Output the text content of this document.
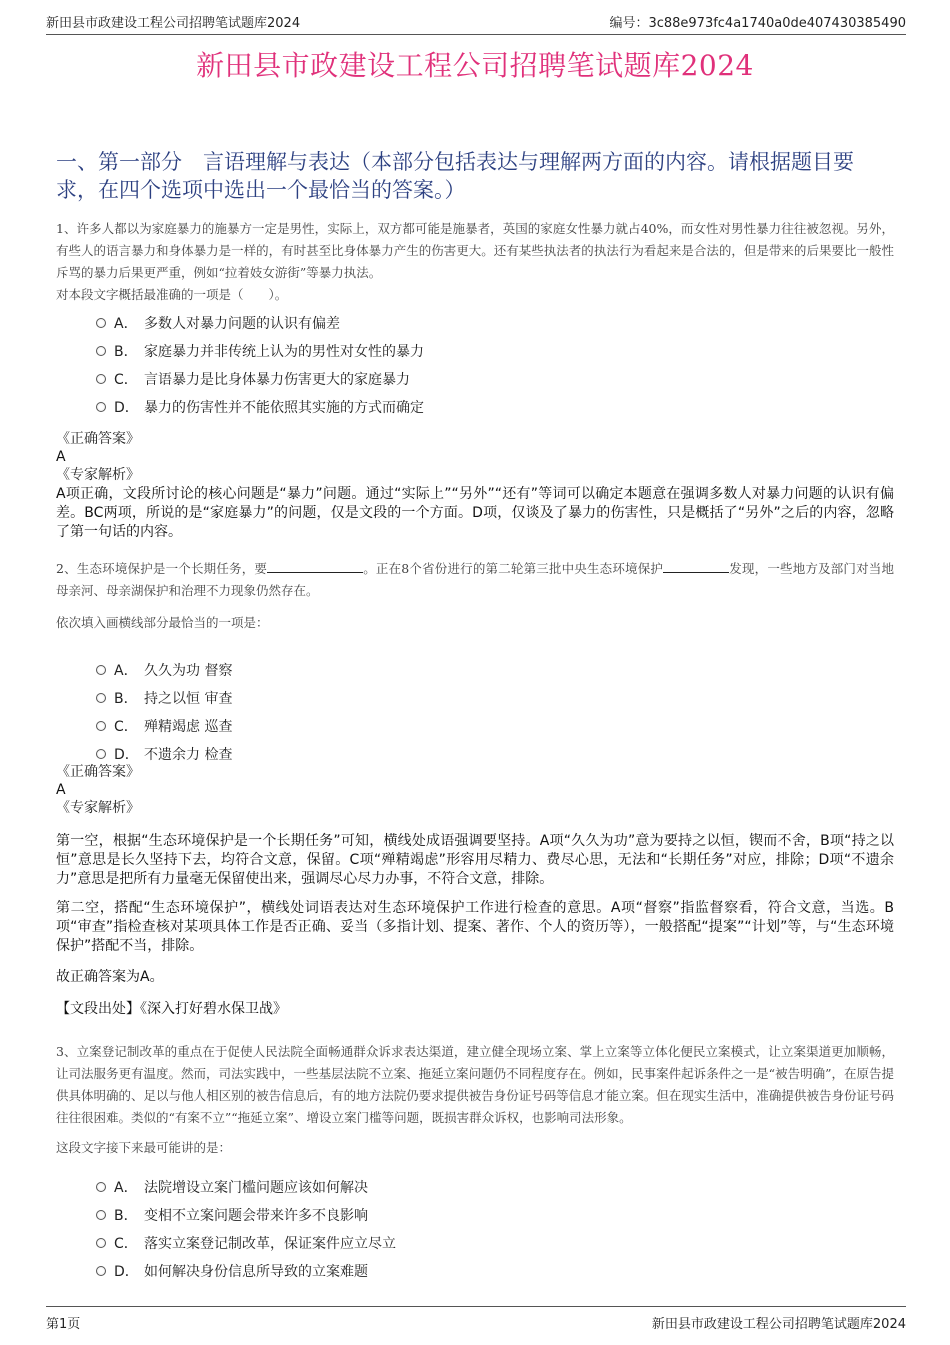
新田县市政建设工程公司招聘笔试题库2024	编号：3c88e973fc4a1740a0de407430385490
新田县市政建设工程公司招聘笔试题库2024
一、第一部分　言语理解与表达（本部分包括表达与理解两方面的内容。请根据题目要求，在四个选项中选出一个最恰当的答案。）

1、许多人都以为家庭暴力的施暴方一定是男性，实际上，双方都可能是施暴者，英国的家庭女性暴力就占40%，而女性对男性暴力往往被忽视。另外，有些人的语言暴力和身体暴力是一样的，有时甚至比身体暴力产生的伤害更大。还有某些执法者的执法行为看起来是合法的，但是带来的后果要比一般性斥骂的暴力后果更严重，例如“拉着妓女游街”等暴力执法。

对本段文字概括最准确的一项是（　　）。

A． 多数人对暴力问题的认识有偏差
B． 家庭暴力并非传统上认为的男性对女性的暴力
C． 言语暴力是比身体暴力伤害更大的家庭暴力
D． 暴力的伤害性并不能依照其实施的方式而确定

《正确答案》

A

《专家解析》

A项正确，文段所讨论的核心问题是“暴力”问题。通过“实际上”“另外”“还有”等词可以确定本题意在强调多数人对暴力问题的认识有偏差。BC两项，所说的是“家庭暴力”的问题，仅是文段的一个方面。D项，仅谈及了暴力的伤害性，只是概括了“另外”之后的内容，忽略了第一句话的内容。

2、生态环境保护是一个长期任务，要	。正在8个省份进行的第二轮第三批中央生态环境保护	发现，一些地方及部门对当地母亲河、母亲湖保护和治理不力现象仍然存在。

依次填入画横线部分最恰当的一项是：

A． 久久为功 督察
B． 持之以恒 审查
C． 殚精竭虑 巡查
D． 不遗余力 检查

《正确答案》

A

《专家解析》

第一空，根据“生态环境保护是一个长期任务”可知，横线处成语强调要坚持。A项“久久为功”意为要持之以恒，锲而不舍，B项“持之以恒”意思是长久坚持下去，均符合文意，保留。C项“殚精竭虑”形容用尽精力、费尽心思，无法和“长期任务”对应，排除；D项“不遗余力”意思是把所有力量毫无保留使出来，强调尽心尽力办事，不符合文意，排除。

第二空，搭配“生态环境保护”，横线处词语表达对生态环境保护工作进行检查的意思。A项“督察”指监督察看，符合文意，当选。B项“审查”指检查核对某项具体工作是否正确、妥当（多指计划、提案、著作、个人的资历等），一般搭配“提案”“计划”等，与“生态环境保护”搭配不当，排除。

故正确答案为A。

【文段出处】《深入打好碧水保卫战》

3、立案登记制改革的重点在于促使人民法院全面畅通群众诉求表达渠道，建立健全现场立案、掌上立案等立体化便民立案模式，让立案渠道更加顺畅，让司法服务更有温度。然而，司法实践中，一些基层法院不立案、拖延立案问题仍不同程度存在。例如，民事案件起诉条件之一是“被告明确”，在原告提供具体明确的、足以与他人相区别的被告信息后，有的地方法院仍要求提供被告身份证号码等信息才能立案。但在现实生活中，准确提供被告身份证号码往往很困难。类似的“有案不立”“拖延立案”、增设立案门槛等问题，既损害群众诉权，也影响司法形象。

这段文字接下来最可能讲的是：

A． 法院增设立案门槛问题应该如何解决
B． 变相不立案问题会带来许多不良影响
C． 落实立案登记制改革，保证案件应立尽立
D． 如何解决身份信息所导致的立案难题
第1页	新田县市政建设工程公司招聘笔试题库2024
